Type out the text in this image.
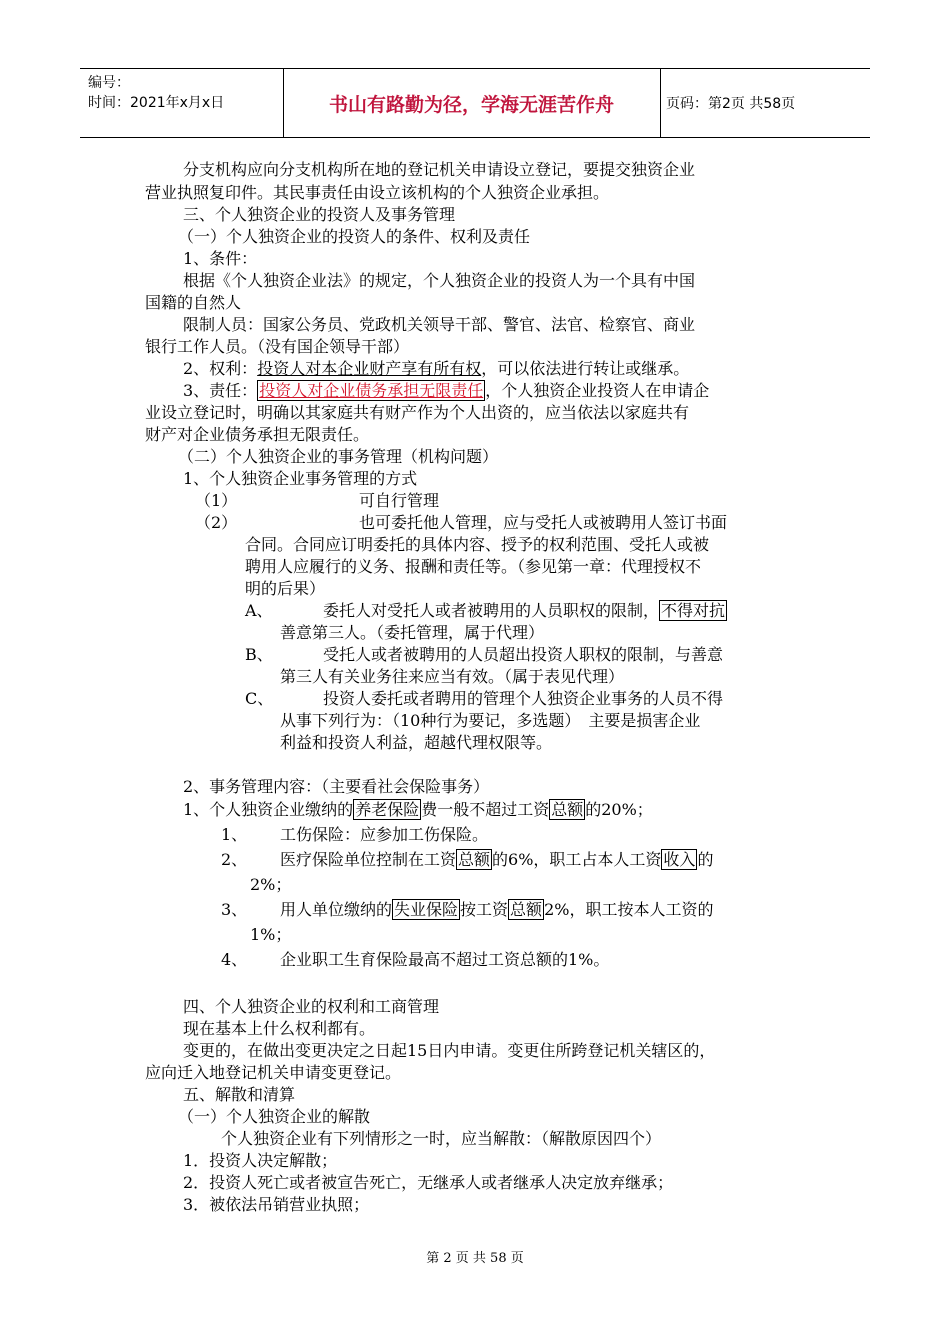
编号：
时间：2021年x月x日	书山有路勤为径，学海无涯苦作舟	页码：第2页 共58页
分支机构应向分支机构所在地的登记机关申请设立登记，要提交独资企业
营业执照复印件。其民事责任由设立该机构的个人独资企业承担。
三、个人独资企业的投资人及事务管理
（一）个人独资企业的投资人的条件、权利及责任
1、条件：
根据《个人独资企业法》的规定，个人独资企业的投资人为一个具有中国
国籍的自然人
限制人员：国家公务员、党政机关领导干部、警官、法官、检察官、商业
银行工作人员。（没有国企领导干部）
2、权利：投资人对本企业财产享有所有权，可以依法进行转让或继承。
3、责任： 投资人对企业债务承担无限责任 ，个人独资企业投资人在申请企
业设立登记时，明确以其家庭共有财产作为个人出资的，应当依法以家庭共有
财产对企业债务承担无限责任。
（二）个人独资企业的事务管理（机构问题）
1、个人独资企业事务管理的方式
（1）	可自行管理
（2）	也可委托他人管理，应与受托人或被聘用人签订书面
合同。合同应订明委托的具体内容、授予的权利范围、受托人或被
聘用人应履行的义务、报酬和责任等。（参见第一章：代理授权不
明的后果）
A、	委托人对受托人或者被聘用的人员职权的限制， 不得对抗
善意第三人。（委托管理，属于代理）
B、	受托人或者被聘用的人员超出投资人职权的限制，与善意
第三人有关业务往来应当有效。（属于表见代理）
C、	投资人委托或者聘用的管理个人独资企业事务的人员不得
从事下列行为：（10种行为要记，多选题）　主要是损害企业
利益和投资人利益，超越代理权限等。
2、事务管理内容：（主要看社会保险事务）
1、个人独资企业缴纳的 养老保险 费一般不超过工资 总额 的20%；
1、 工伤保险：应参加工伤保险。
2、 医疗保险单位控制在工资 总额 的6%，职工占本人工资 收入 的
2%；
3、 用人单位缴纳的 失业保险 按工资 总额 2%，职工按本人工资的
1%；
4、 企业职工生育保险最高不超过工资总额的1%。
四、个人独资企业的权利和工商管理
现在基本上什么权利都有。
变更的，在做出变更决定之日起15日内申请。变更住所跨登记机关辖区的，
应向迁入地登记机关申请变更登记。
五、解散和清算
（一）个人独资企业的解散
个人独资企业有下列情形之一时，应当解散：（解散原因四个）
1．投资人决定解散；
2．投资人死亡或者被宣告死亡，无继承人或者继承人决定放弃继承；
3．被依法吊销营业执照；
第 2 页 共 58 页
